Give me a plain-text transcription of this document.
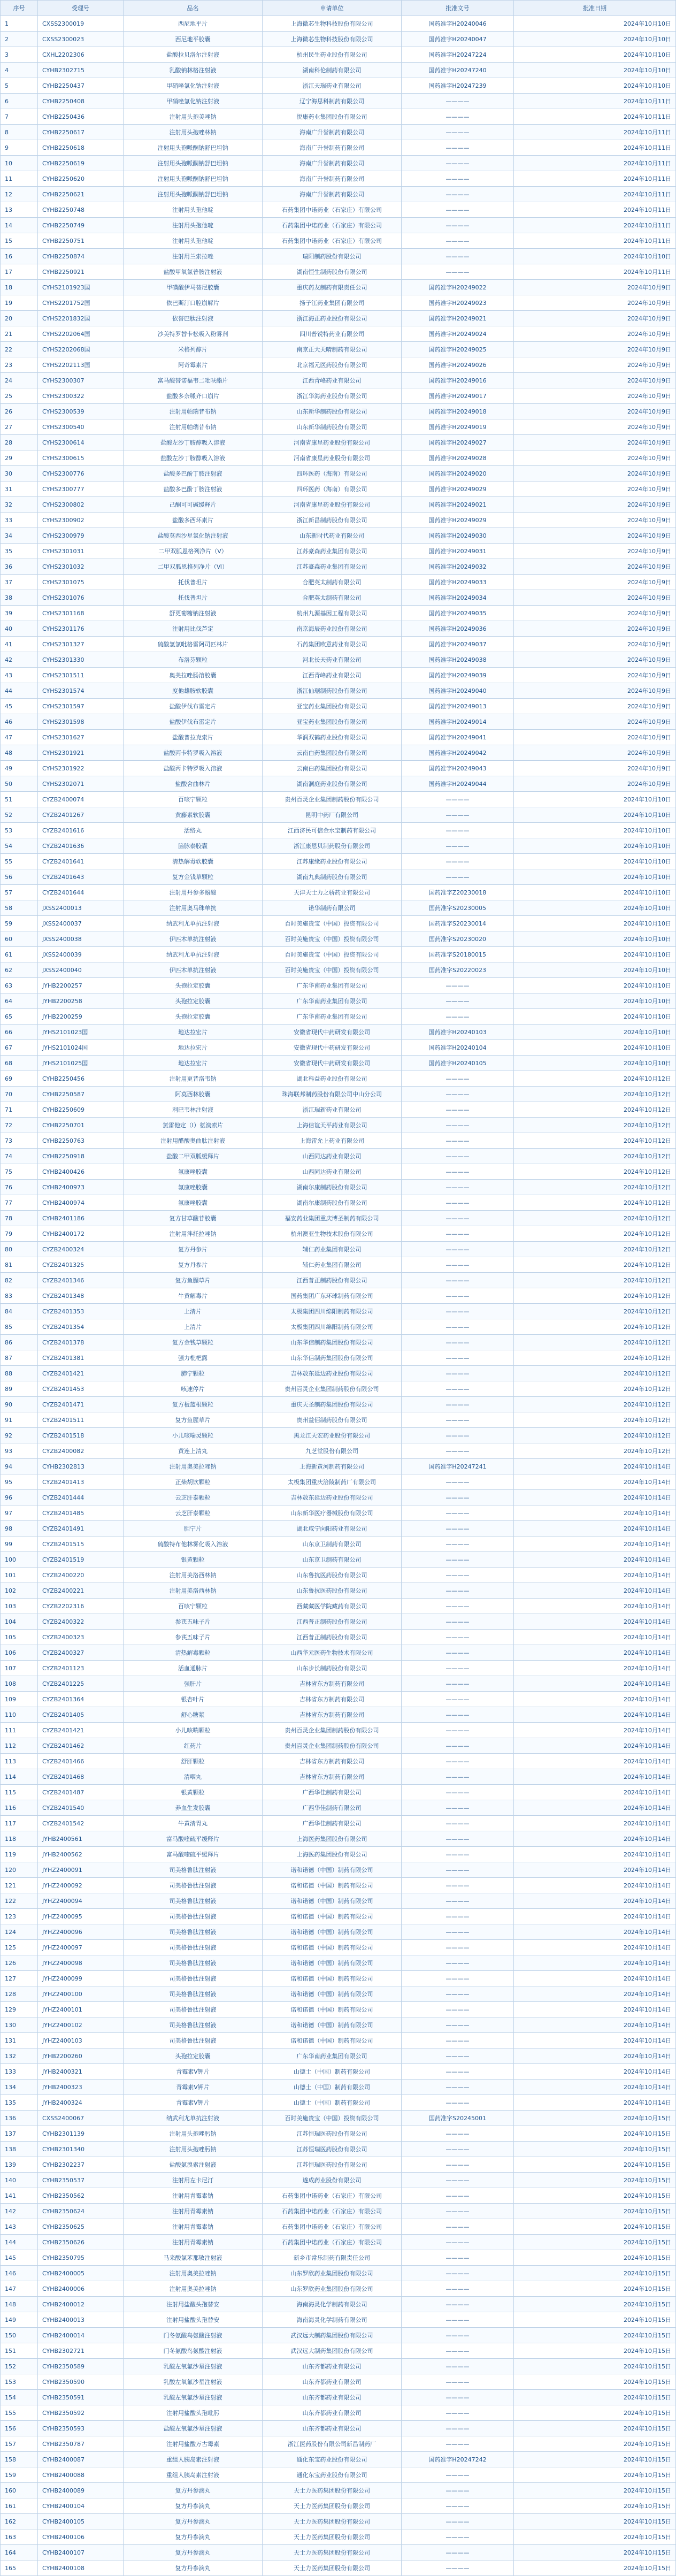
序号	受理号	品名	申请单位	批准文号	批准日期
1	CXSS2300019	西尼地平片	上海微芯生物科技股份有限公司	国药准字H20240046	2024年10月10日
2	CXSS2300023	西尼地平胶囊	上海微芯生物科技股份有限公司	国药准字H20240047	2024年10月10日
3	CXHL2202306	盐酸拉贝洛尔注射液	杭州民生药业股份有限公司	国药准字H20247224	2024年10月10日
4	CYHB2302715	乳酸钠林格注射液	湖南科伦制药有限公司	国药准字H20247240	2024年10月10日
5	CYHB2250437	甲硝唑氯化钠注射液	浙江天瑞药业有限公司	国药准字H20247239	2024年10月10日
6	CYHB2250408	甲硝唑氯化钠注射液	辽宁海思科制药有限公司	————	2024年10月11日
7	CYHB2250436	注射用头孢美唑钠	悦康药业集团股份有限公司	————	2024年10月11日
8	CYHB2250617	注射用头孢唑林钠	海南广升誉制药有限公司	————	2024年10月11日
9	CYHB2250618	注射用头孢哌酮钠舒巴坦钠	海南广升誉制药有限公司	————	2024年10月11日
10	CYHB2250619	注射用头孢哌酮钠舒巴坦钠	海南广升誉制药有限公司	————	2024年10月11日
11	CYHB2250620	注射用头孢哌酮钠舒巴坦钠	海南广升誉制药有限公司	————	2024年10月11日
12	CYHB2250621	注射用头孢哌酮钠舒巴坦钠	海南广升誉制药有限公司	————	2024年10月11日
13	CYHB2250748	注射用头孢他啶	石药集团中诺药业（石家庄）有限公司	————	2024年10月11日
14	CYHB2250749	注射用头孢他啶	石药集团中诺药业（石家庄）有限公司	————	2024年10月11日
15	CYHB2250751	注射用头孢他啶	石药集团中诺药业（石家庄）有限公司	————	2024年10月11日
16	CYHB2250874	注射用兰索拉唑	瑞阳制药股份有限公司	————	2024年10月10日
17	CYHB2250921	盐酸甲氧氯普胺注射液	湖南恒生制药股份有限公司	————	2024年10月11日
18	CYHS2101923国	甲磺酸伊马替尼胶囊	重庆药友制药有限责任公司	国药准字H20249022	2024年10月9日
19	CYHS2201752国	依巴斯汀口腔崩解片	扬子江药业集团有限公司	国药准字H20249023	2024年10月9日
20	CYHS2201832国	依替巴肽注射液	浙江海正药业股份有限公司	国药准字H20249021	2024年10月9日
21	CYHS2202064国	沙美特罗替卡松吸入粉雾剂	四川普锐特药业有限公司	国药准字H20249024	2024年10月9日
22	CYHS2202068国	米格列醇片	南京正大天晴制药有限公司	国药准字H20249025	2024年10月9日
23	CYHS2202113国	阿奇霉素片	北京福元医药股份有限公司	国药准字H20249026	2024年10月9日
24	CYHS2300307	富马酸替诺福韦二吡呋酯片	江西青峰药业有限公司	国药准字H20249016	2024年10月9日
25	CYHS2300322	盐酸多奈哌齐口崩片	浙江华海药业股份有限公司	国药准字H20249017	2024年10月9日
26	CYHS2300539	注射用帕瑞昔布钠	山东新华制药股份有限公司	国药准字H20249018	2024年10月9日
27	CYHS2300540	注射用帕瑞昔布钠	山东新华制药股份有限公司	国药准字H20249019	2024年10月9日
28	CYHS2300614	盐酸左沙丁胺醇吸入溶液	河南省康星药业股份有限公司	国药准字H20249027	2024年10月9日
29	CYHS2300615	盐酸左沙丁胺醇吸入溶液	河南省康星药业股份有限公司	国药准字H20249028	2024年10月9日
30	CYHS2300776	盐酸多巴酚丁胺注射液	四环医药（海南）有限公司	国药准字H20249020	2024年10月9日
31	CYHS2300777	盐酸多巴酚丁胺注射液	四环医药（海南）有限公司	国药准字H20249029	2024年10月9日
32	CYHS2300802	己酮可可碱缓释片	河南省康星药业股份有限公司	国药准字H20249021	2024年10月9日
33	CYHS2300902	盐酸多西环素片	浙江新昌制药股份有限公司	国药准字H20249029	2024年10月9日
34	CYHS2300979	盐酸莫西沙星氯化钠注射液	山东新时代药业有限公司	国药准字H20249030	2024年10月9日
35	CYHS2301031	二甲双胍恩格列净片（Ⅴ）	江苏豪森药业集团有限公司	国药准字H20249031	2024年10月9日
36	CYHS2301032	二甲双胍恩格列净片（Ⅵ）	江苏豪森药业集团有限公司	国药准字H20249032	2024年10月9日
37	CYHS2301075	托伐普坦片	合肥英太制药有限公司	国药准字H20249033	2024年10月9日
38	CYHS2301076	托伐普坦片	合肥英太制药有限公司	国药准字H20249034	2024年10月9日
39	CYHS2301168	舒更葡糖钠注射液	杭州九源基因工程有限公司	国药准字H20249035	2024年10月9日
40	CYHS2301176	注射用比伐芦定	南京海辰药业股份有限公司	国药准字H20249036	2024年10月9日
41	CYHS2301327	硫酸氢氯吡格雷阿司匹林片	石药集团欧意药业有限公司	国药准字H20249037	2024年10月9日
42	CYHS2301330	布洛芬颗粒	河北长天药业有限公司	国药准字H20249038	2024年10月9日
43	CYHS2301511	奥美拉唑肠溶胶囊	江西青峰药业有限公司	国药准字H20249039	2024年10月9日
44	CYHS2301574	度他雄胺软胶囊	浙江仙琚制药股份有限公司	国药准字H20249040	2024年10月9日
45	CYHS2301597	盐酸伊伐布雷定片	亚宝药业集团股份有限公司	国药准字H20249013	2024年10月9日
46	CYHS2301598	盐酸伊伐布雷定片	亚宝药业集团股份有限公司	国药准字H20249014	2024年10月9日
47	CYHS2301627	盐酸普拉克索片	华润双鹤药业股份有限公司	国药准字H20249041	2024年10月9日
48	CYHS2301921	盐酸丙卡特罗吸入溶液	云南白药集团股份有限公司	国药准字H20249042	2024年10月9日
49	CYHS2301922	盐酸丙卡特罗吸入溶液	云南白药集团股份有限公司	国药准字H20249043	2024年10月9日
50	CYHS2302071	盐酸舍曲林片	湖南洞庭药业股份有限公司	国药准字H20249044	2024年10月9日
51	CYZB2400074	百咳宁颗粒	贵州百灵企业集团制药股份有限公司	————	2024年10月10日
52	CYZB2401267	黄藤素软胶囊	昆明中药厂有限公司	————	2024年10月10日
53	CYZB2401616	活络丸	江西济民可信金水宝制药有限公司	————	2024年10月10日
54	CYZB2401636	脑脉泰胶囊	浙江康恩贝制药股份有限公司	————	2024年10月10日
55	CYZB2401641	清热解毒软胶囊	江苏康缘药业股份有限公司	————	2024年10月10日
56	CYZB2401643	复方金钱草颗粒	湖南九典制药股份有限公司	————	2024年10月10日
57	CYZB2401644	注射用丹参多酚酸	天津天士力之骄药业有限公司	国药准字Z20230018	2024年10月10日
58	JXSS2400013	注射用奥马珠单抗	诺华制药有限公司	国药准字S20230005	2024年10月10日
59	JXSS2400037	纳武利尤单抗注射液	百时美施贵宝（中国）投资有限公司	国药准字S20230014	2024年10月10日
60	JXSS2400038	伊匹木单抗注射液	百时美施贵宝（中国）投资有限公司	国药准字S20230020	2024年10月10日
61	JXSS2400039	纳武利尤单抗注射液	百时美施贵宝（中国）投资有限公司	国药准字S20180015	2024年10月10日
62	JXSS2400040	伊匹木单抗注射液	百时美施贵宝（中国）投资有限公司	国药准字S20220023	2024年10月10日
63	JYHB2200257	头孢拉定胶囊	广东华南药业集团有限公司	————	2024年10月10日
64	JYHB2200258	头孢拉定胶囊	广东华南药业集团有限公司	————	2024年10月10日
65	JYHB2200259	头孢拉定胶囊	广东华南药业集团有限公司	————	2024年10月10日
66	JYHS2101023国	地达拉宏片	安徽省现代中药研发有限公司	国药准字H20240103	2024年10月10日
67	JYHS2101024国	地达拉宏片	安徽省现代中药研发有限公司	国药准字H20240104	2024年10月10日
68	JYHS2101025国	地达拉宏片	安徽省现代中药研发有限公司	国药准字H20240105	2024年10月10日
69	CYHB2250456	注射用更昔洛韦钠	湖北科益药业股份有限公司	————	2024年10月12日
70	CYHB2250587	阿莫西林胶囊	珠海联邦制药股份有限公司中山分公司	————	2024年10月12日
71	CYHB2250609	利巴韦林注射液	浙江瑞新药业有限公司	————	2024年10月12日
72	CYHB2250701	氯雷他定（Ⅰ）氨溴索片	上海信谊天平药业有限公司	————	2024年10月12日
73	CYHB2250763	注射用醋酸奥曲肽注射液	上海雷允上药业有限公司	————	2024年10月12日
74	CYHB2250918	盐酸二甲双胍缓释片	山西同达药业有限公司	————	2024年10月12日
75	CYHB2400426	氟康唑胶囊	山西同达药业有限公司	————	2024年10月12日
76	CYHB2400973	氟康唑胶囊	湖南尔康制药股份有限公司	————	2024年10月12日
77	CYHB2400974	氟康唑胶囊	湖南尔康制药股份有限公司	————	2024年10月12日
78	CYHB2401186	复方甘草酸苷胶囊	福安药业集团重庆博圣制药有限公司	————	2024年10月12日
79	CYHB2400172	注射用泮托拉唑钠	杭州澳亚生物技术股份有限公司	————	2024年10月12日
80	CYZB2400324	复方丹参片	辅仁药业集团有限公司	————	2024年10月12日
81	CYZB2401325	复方丹参片	辅仁药业集团有限公司	————	2024年10月12日
82	CYZB2401346	复方鱼腥草片	江西普正制药股份有限公司	————	2024年10月12日
83	CYZB2401348	牛黄解毒片	国药集团广东环球制药有限公司	————	2024年10月12日
84	CYZB2401353	上清片	太极集团四川绵阳制药有限公司	————	2024年10月12日
85	CYZB2401354	上清片	太极集团四川绵阳制药有限公司	————	2024年10月12日
86	CYZB2401378	复方金钱草颗粒	山东华信制药集团股份有限公司	————	2024年10月12日
87	CYZB2401381	强力枇杷露	山东华信制药集团股份有限公司	————	2024年10月12日
88	CYZB2401421	肺宁颗粒	吉林敖东延边药业股份有限公司	————	2024年10月12日
89	CYZB2401453	咳速停片	贵州百灵企业集团制药股份有限公司	————	2024年10月12日
90	CYZB2401471	复方板蓝根颗粒	重庆天圣制药集团股份有限公司	————	2024年10月12日
91	CYZB2401511	复方鱼腥草片	贵州益佰制药股份有限公司	————	2024年10月12日
92	CYZB2401518	小儿咳喘灵颗粒	黑龙江天宏药业股份有限公司	————	2024年10月12日
93	CYZB2400082	黄连上清丸	九芝堂股份有限公司	————	2024年10月12日
94	CYHB2302813	注射用奥美拉唑钠	上海新黄河制药有限公司	国药准字H20247241	2024年10月14日
95	CYZB2401413	正柴胡饮颗粒	太极集团重庆涪陵制药厂有限公司	————	2024年10月14日
96	CYZB2401444	云芝肝泰颗粒	吉林敖东延边药业股份有限公司	————	2024年10月14日
97	CYZB2401485	云芝肝泰颗粒	山东新华医疗器械股份有限公司	————	2024年10月14日
98	CYZB2401491	胆宁片	湖北咸宁向阳药业有限公司	————	2024年10月14日
99	CYZB2401515	硫酸特布他林雾化吸入溶液	山东京卫制药有限公司	————	2024年10月14日
100	CYZB2401519	银黄颗粒	山东京卫制药有限公司	————	2024年10月14日
101	CYZB2400220	注射用美洛西林钠	山东鲁抗医药股份有限公司	————	2024年10月14日
102	CYZB2400221	注射用美洛西林钠	山东鲁抗医药股份有限公司	————	2024年10月14日
103	CYZB2202316	百咳宁颗粒	西藏藏医学院藏药有限公司	————	2024年10月14日
104	CYZB2400322	参芪五味子片	江西普正制药股份有限公司	————	2024年10月14日
105	CYZB2400323	参芪五味子片	江西普正制药股份有限公司	————	2024年10月14日
106	CYZB2400327	清热解毒颗粒	山西华元医药生物技术有限公司	————	2024年10月14日
107	CYZB2401123	活血通脉片	山东步长制药股份有限公司	————	2024年10月14日
108	CYZB2401225	强肝片	吉林省东方制药有限公司	————	2024年10月14日
109	CYZB2401364	银杏叶片	吉林省东方制药有限公司	————	2024年10月14日
110	CYZB2401405	舒心糖浆	吉林省东方制药有限公司	————	2024年10月14日
111	CYZB2401421	小儿咳喘颗粒	贵州百灵企业集团制药股份有限公司	————	2024年10月14日
112	CYZB2401462	红药片	贵州百灵企业集团制药股份有限公司	————	2024年10月14日
113	CYZB2401466	舒肝颗粒	吉林省东方制药有限公司	————	2024年10月14日
114	CYZB2401468	清咽丸	吉林省东方制药有限公司	————	2024年10月14日
115	CYZB2401487	银黄颗粒	广西华佳制药有限公司	————	2024年10月14日
116	CYZB2401540	养血生发胶囊	广西华佳制药有限公司	————	2024年10月14日
117	CYZB2401542	牛黄清胃丸	广西华佳制药有限公司	————	2024年10月14日
118	JYHB2400561	富马酸喹硫平缓释片	上海医药集团股份有限公司	————	2024年10月14日
119	JYHB2400562	富马酸喹硫平缓释片	上海医药集团股份有限公司	————	2024年10月14日
120	JYHZ2400091	司美格鲁肽注射液	诺和诺德（中国）制药有限公司	————	2024年10月14日
121	JYHZ2400092	司美格鲁肽注射液	诺和诺德（中国）制药有限公司	————	2024年10月14日
122	JYHZ2400094	司美格鲁肽注射液	诺和诺德（中国）制药有限公司	————	2024年10月14日
123	JYHZ2400095	司美格鲁肽注射液	诺和诺德（中国）制药有限公司	————	2024年10月14日
124	JYHZ2400096	司美格鲁肽注射液	诺和诺德（中国）制药有限公司	————	2024年10月14日
125	JYHZ2400097	司美格鲁肽注射液	诺和诺德（中国）制药有限公司	————	2024年10月14日
126	JYHZ2400098	司美格鲁肽注射液	诺和诺德（中国）制药有限公司	————	2024年10月14日
127	JYHZ2400099	司美格鲁肽注射液	诺和诺德（中国）制药有限公司	————	2024年10月14日
128	JYHZ2400100	司美格鲁肽注射液	诺和诺德（中国）制药有限公司	————	2024年10月14日
129	JYHZ2400101	司美格鲁肽注射液	诺和诺德（中国）制药有限公司	————	2024年10月14日
130	JYHZ2400102	司美格鲁肽注射液	诺和诺德（中国）制药有限公司	————	2024年10月14日
131	JYHZ2400103	司美格鲁肽注射液	诺和诺德（中国）制药有限公司	————	2024年10月14日
132	JYHB2200260	头孢拉定胶囊	广东华南药业集团有限公司	————	2024年10月14日
133	JYHB2400321	青霉素V钾片	山德士（中国）制药有限公司	————	2024年10月14日
134	JYHB2400323	青霉素V钾片	山德士（中国）制药有限公司	————	2024年10月14日
135	JYHB2400324	青霉素V钾片	山德士（中国）制药有限公司	————	2024年10月14日
136	CXSS2400067	纳武利尤单抗注射液	百时美施贵宝（中国）投资有限公司	国药准字S20245001	2024年10月15日
137	CYHB2301139	注射用头孢唑肟钠	江苏恒瑞医药股份有限公司	————	2024年10月15日
138	CYHB2301340	注射用头孢唑肟钠	江苏恒瑞医药股份有限公司	————	2024年10月15日
139	CYHB2302237	盐酸氨溴索注射液	江苏恒瑞医药股份有限公司	————	2024年10月15日
140	CYHB2350537	注射用左卡尼汀	遂成药业股份有限公司	————	2024年10月15日
141	CYHB2350562	注射用青霉素钠	石药集团中诺药业（石家庄）有限公司	————	2024年10月15日
142	CYHB2350624	注射用青霉素钠	石药集团中诺药业（石家庄）有限公司	————	2024年10月15日
143	CYHB2350625	注射用青霉素钠	石药集团中诺药业（石家庄）有限公司	————	2024年10月15日
144	CYHB2350626	注射用青霉素钠	石药集团中诺药业（石家庄）有限公司	————	2024年10月15日
145	CYHB2350795	马来酸氯苯那敏注射液	新乡市常乐制药有限责任公司	————	2024年10月15日
146	CYHB2400005	注射用奥美拉唑钠	山东罗欣药业集团股份有限公司	————	2024年10月15日
147	CYHB2400006	注射用奥美拉唑钠	山东罗欣药业集团股份有限公司	————	2024年10月15日
148	CYHB2400012	注射用盐酸头孢替安	海南海灵化学制药有限公司	————	2024年10月15日
149	CYHB2400013	注射用盐酸头孢替安	海南海灵化学制药有限公司	————	2024年10月15日
150	CYHB2400014	门冬氨酸鸟氨酸注射液	武汉远大制药集团股份有限公司	————	2024年10月15日
151	CYHB2302721	门冬氨酸鸟氨酸注射液	武汉远大制药集团股份有限公司	————	2024年10月15日
152	CYHB2350589	乳酸左氧氟沙星注射液	山东齐都药业有限公司	————	2024年10月15日
153	CYHB2350590	乳酸左氧氟沙星注射液	山东齐都药业有限公司	————	2024年10月15日
154	CYHB2350591	乳酸左氧氟沙星注射液	山东齐都药业有限公司	————	2024年10月15日
155	CYHB2350592	注射用盐酸头孢吡肟	山东齐都药业有限公司	————	2024年10月15日
156	CYHB2350593	盐酸左氧氟沙星注射液	山东齐都药业有限公司	————	2024年10月15日
157	CYHB2350787	注射用盐酸万古霉素	浙江医药股份有限公司新昌制药厂	————	2024年10月15日
158	CYHB2400087	重组人胰岛素注射液	通化东宝药业股份有限公司	国药准字H20247242	2024年10月15日
159	CYHB2400088	重组人胰岛素注射液	通化东宝药业股份有限公司	————	2024年10月15日
160	CYHB2400089	复方丹参滴丸	天士力医药集团股份有限公司	————	2024年10月15日
161	CYHB2400104	复方丹参滴丸	天士力医药集团股份有限公司	————	2024年10月15日
162	CYHB2400105	复方丹参滴丸	天士力医药集团股份有限公司	————	2024年10月15日
163	CYHB2400106	复方丹参滴丸	天士力医药集团股份有限公司	————	2024年10月15日
164	CYHB2400107	复方丹参滴丸	天士力医药集团股份有限公司	————	2024年10月15日
165	CYHB2400108	复方丹参滴丸	天士力医药集团股份有限公司	————	2024年10月15日
